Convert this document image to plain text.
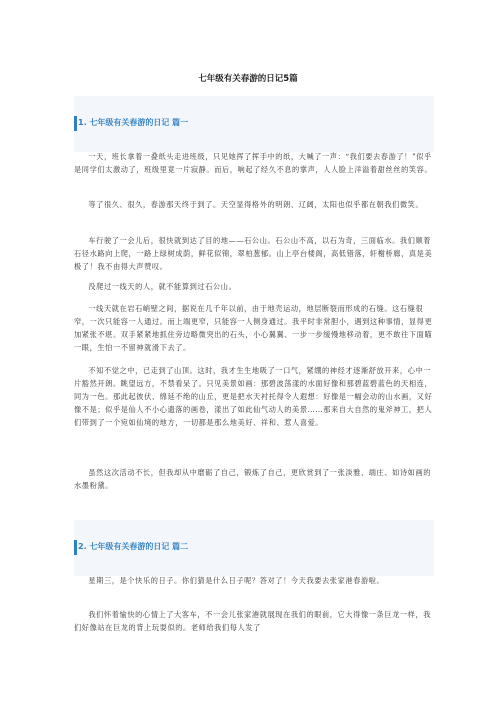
七年级有关春游的日记5篇
1. 七年级有关春游的日记 篇一

一天，班长拿着一叠纸头走进班级，只见她挥了挥手中的纸，大喊了一声：“我们要去春游了！”似乎是同学们太激动了，班级里竟一片寂静。而后，响起了经久不息的掌声，人人脸上洋溢着甜丝丝的笑容。

等了很久、很久，春游那天终于到了。天空显得格外的明朗、辽阔，太阳也似乎都在朝我们微笑。

车行驶了一会儿后，很快就到达了目的地——石公山。石公山不高，以石为奇，三面临水。我们顺着石径水路向上爬，一路上绿树成荫，鲜花似锦，翠柏葱郁。山上亭台楼阁，高低错落，轩榭桥廊，真是美极了！我不由得大声赞叹。

没爬过一线天的人，就不能算到过石公山。

一线天就在岩石峭壁之间，据说在几千年以前，由于地壳运动，地层断裂而形成的石缝。这石缝很窄，一次只能容一人通过。而上端更窄，只能容一人侧身通过。我平时非常胆小，遇到这种事情，显得更加紧张不堪。双手紧紧地抓住旁边略微突出的石头，小心翼翼、一步一步缓慢地移动着，更不敢往下面瞄一眼，生怕一不留神就滑下去了。

不知不觉之中，已走到了山顶。这时，我才生生地吸了一口气，紧绷的神经才逐渐舒放开来，心中一片豁然开朗。眺望远方，不禁看呆了。只见美景如画：那碧波荡漾的水面好像和那碧蓝碧蓝色的天相连，同为一色。那此起彼伏、绵延不绝的山丘，更是把水天衬托得令人遐想：好像是一幅会动的山水画，又好像不是；似乎是仙人不小心遗落的画卷，漾出了如此仙气动人的美景……那来自大自然的鬼斧神工，把人们带到了一个宛如仙境的地方，一切都是那么地美好、祥和、惹人喜爱。

虽然这次活动不长，但我却从中磨砺了自己，锻炼了自己，更欣赏到了一张淡雅、端庄、如诗如画的水墨粉黛。

2. 七年级有关春游的日记 篇二

星期三，是个快乐的日子。你们猜是什么日子呢？答对了！今天我要去张家港春游啦。

我们怀着愉快的心情上了大客车，不一会儿张家港就展现在我们的眼前，它大得像一条巨龙一样，我们好像站在巨龙的背上玩耍似的。老师给我们每人发了
